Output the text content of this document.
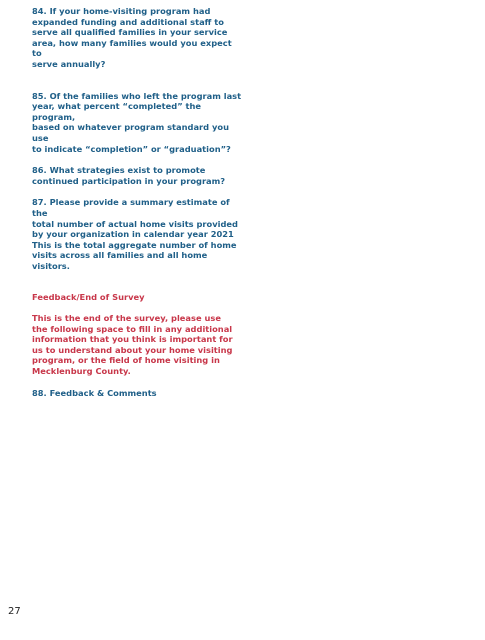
84. If your home-visiting program had
expanded funding and additional staff to
serve all qualified families in your service
area, how many families would you expect to
serve annually?

85. Of the families who left the program last
year, what percent “completed” the program,
based on whatever program standard you use
to indicate “completion” or “graduation”?

86. What strategies exist to promote
continued participation in your program?

87. Please provide a summary estimate of the
total number of actual home visits provided
by your organization in calendar year 2021
This is the total aggregate number of home
visits across all families and all home visitors.

Feedback/End of Survey

This is the end of the survey, please use
the following space to fill in any additional
information that you think is important for
us to understand about your home visiting
program, or the field of home visiting in
Mecklenburg County.

88. Feedback & Comments

27
